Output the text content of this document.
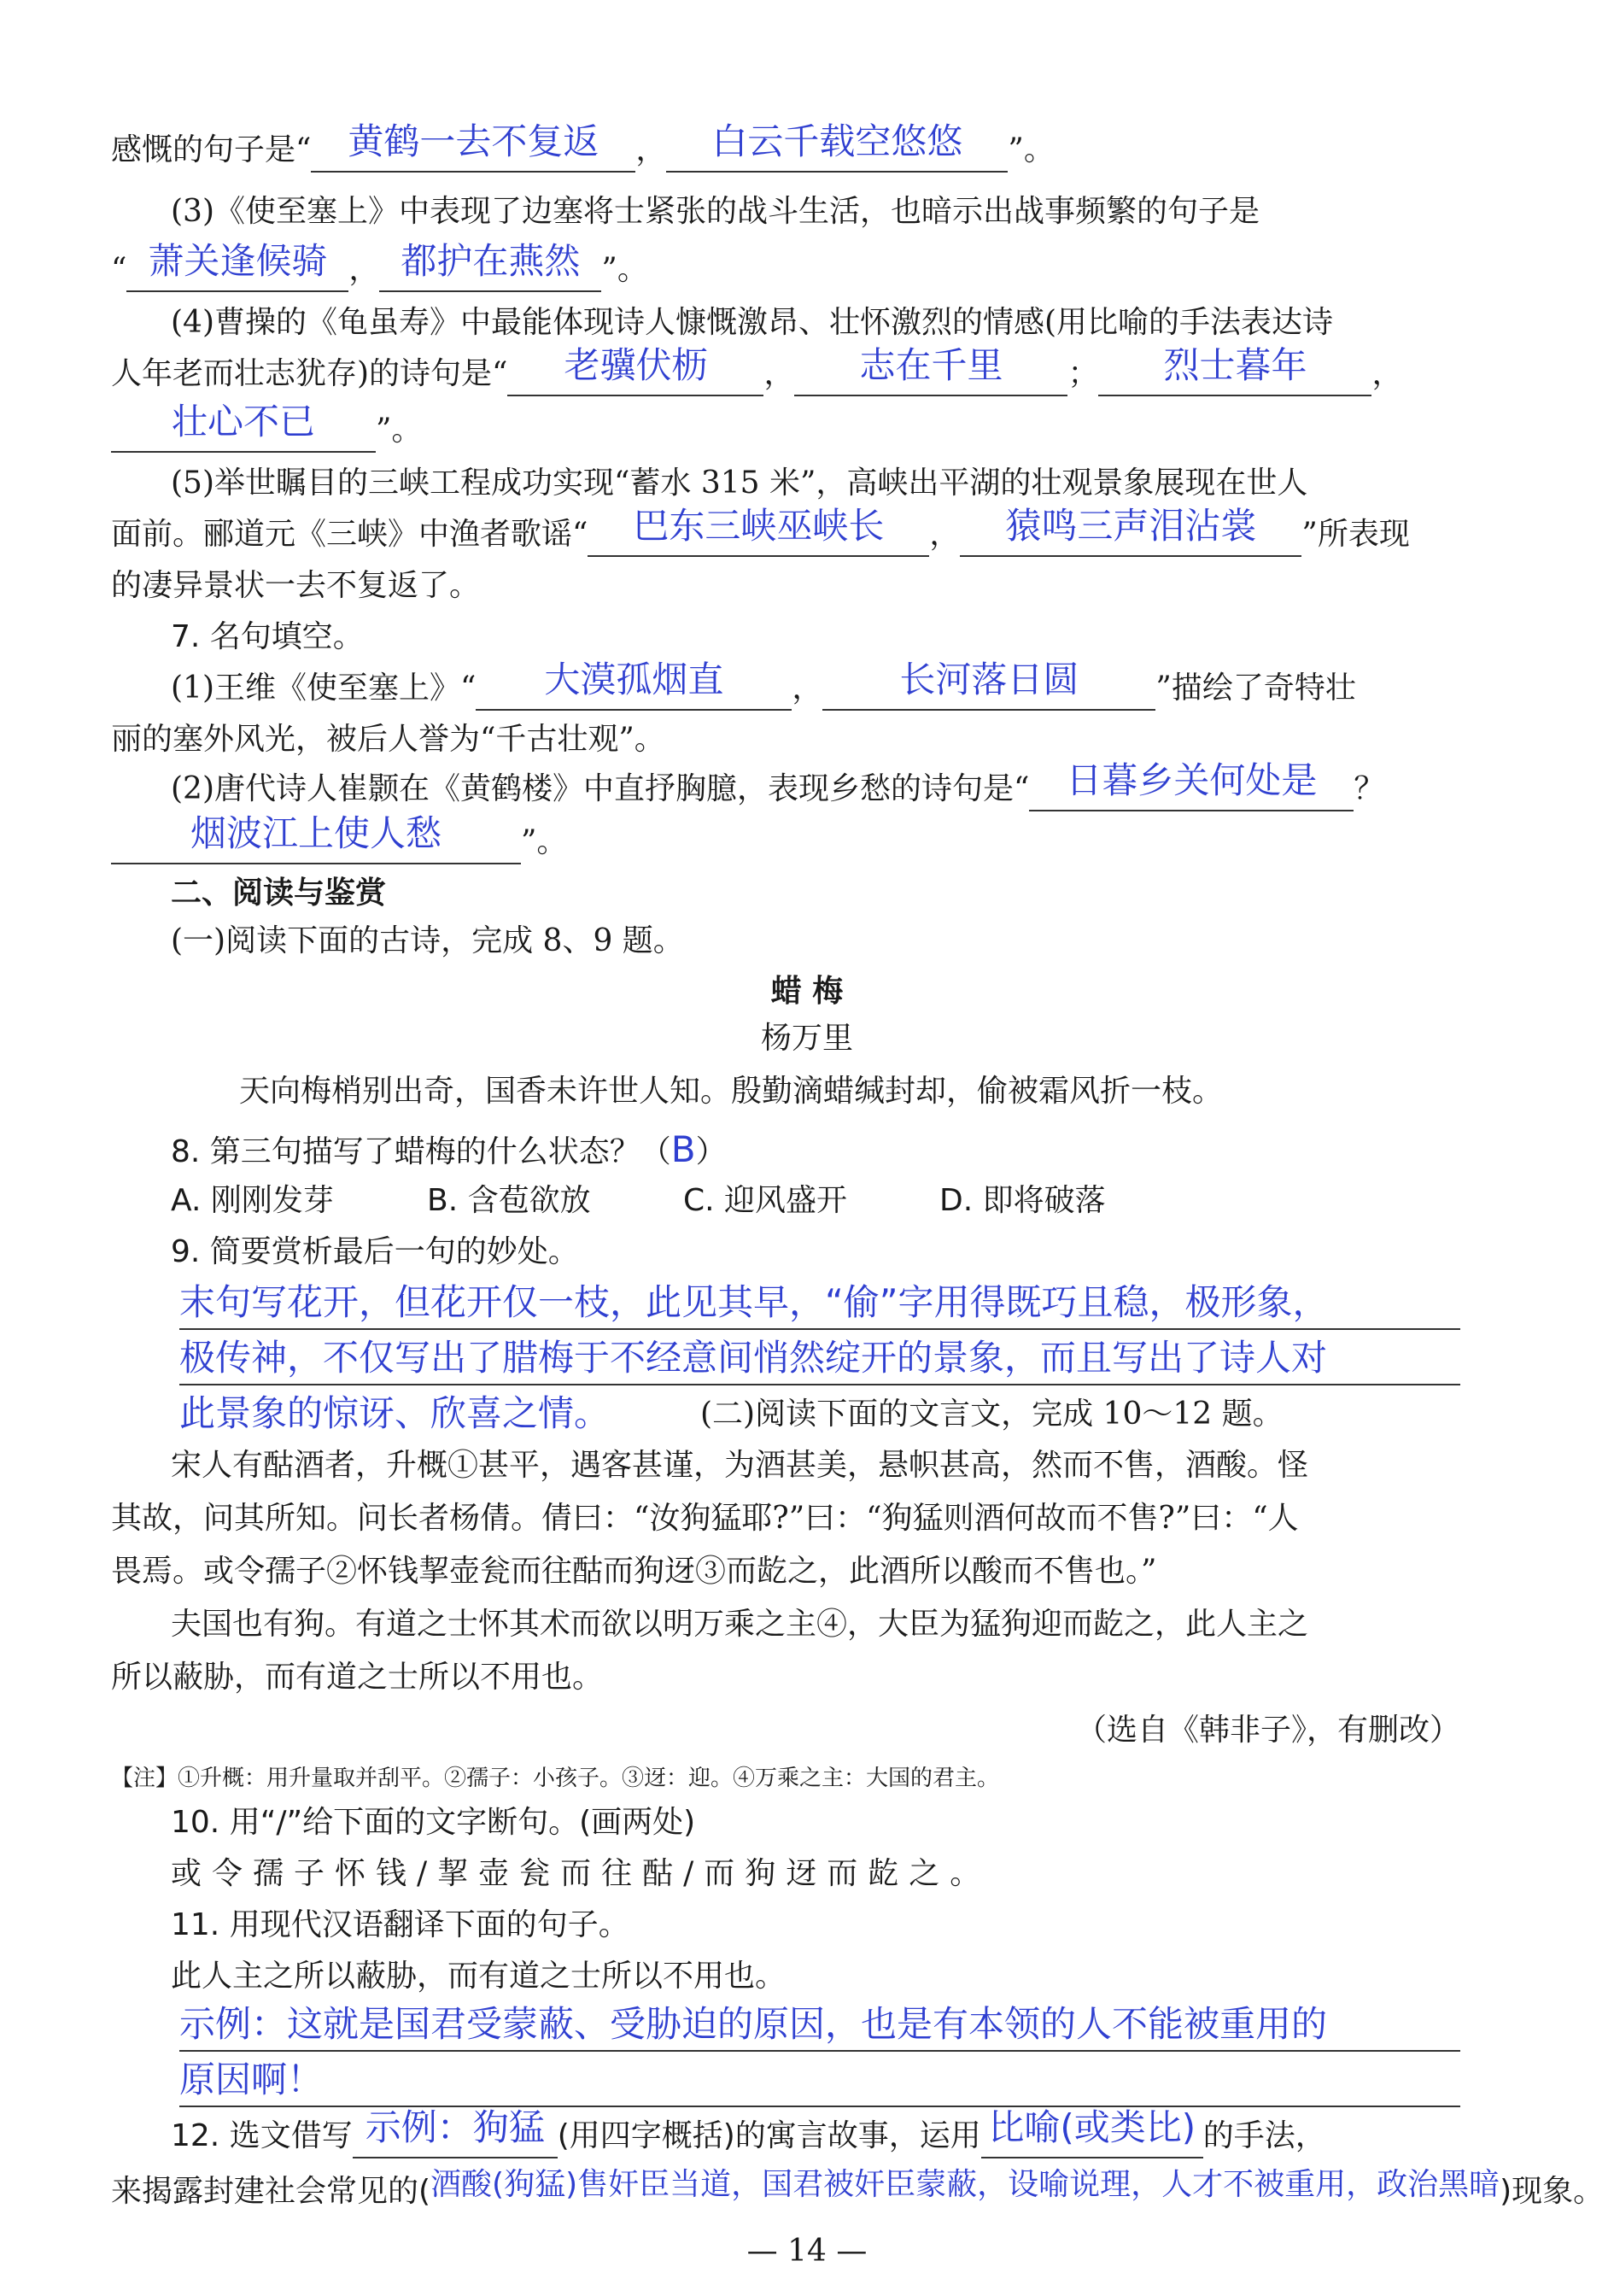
感慨的句子是“ 黄鹤一去不复返 ， 白云千载空悠悠 ”。
(3)《使至塞上》中表现了边塞将士紧张的战斗生活，也暗示出战事频繁的句子是
“ 萧关逢候骑 ， 都护在燕然 ”。
(4)曹操的《龟虽寿》中最能体现诗人慷慨激昂、壮怀激烈的情感(用比喻的手法表达诗
人年老而壮志犹存)的诗句是“ 老骥伏枥 ， 志在千里 ； 烈士暮年 ，
壮心不已 ”。
(5)举世瞩目的三峡工程成功实现“蓄水 315 米”，高峡出平湖的壮观景象展现在世人
面前。郦道元《三峡》中渔者歌谣“ 巴东三峡巫峡长 ， 猿鸣三声泪沾裳 ”所表现
的凄异景状一去不复返了。
7. 名句填空。
(1)王维《使至塞上》“ 大漠孤烟直 ， 长河落日圆	”描绘了奇特壮
丽的塞外风光，被后人誉为“千古壮观”。
(2)唐代诗人崔颢在《黄鹤楼》中直抒胸臆，表现乡愁的诗句是“ 日暮乡关何处是 ？
烟波江上使人愁	”。
二、阅读与鉴赏
(一)阅读下面的古诗，完成 8、9 题。
蜡 梅
杨万里
天向梅梢别出奇，国香未许世人知。殷勤滴蜡缄封却，偷被霜风折一枝。
8. 第三句描写了蜡梅的什么状态？（B）
A. 刚刚发芽	B. 含苞欲放	C. 迎风盛开	D. 即将破落
9. 简要赏析最后一句的妙处。
末句写花开，但花开仅一枝，此见其早，“偷”字用得既巧且稳，极形象，
极传神，不仅写出了腊梅于不经意间悄然绽开的景象，而且写出了诗人对
此景象的惊讶、欣喜之情。	(二)阅读下面的文言文，完成 10～12 题。
宋人有酤酒者，升概①甚平，遇客甚谨，为酒甚美，悬帜甚高，然而不售，酒酸。怪
其故，问其所知。问长者杨倩。倩曰：“汝狗猛耶?”曰：“狗猛则酒何故而不售?”曰：“人
畏焉。或令孺子②怀钱挈壶瓮而往酤而狗迓③而龁之，此酒所以酸而不售也。”
夫国也有狗。有道之士怀其术而欲以明万乘之主④，大臣为猛狗迎而龁之，此人主之
所以蔽胁，而有道之士所以不用也。
（选自《韩非子》，有删改）
【注】①升概：用升量取并刮平。②孺子：小孩子。③迓：迎。④万乘之主：大国的君主。
10. 用“/”给下面的文字断句。(画两处)
或令孺子怀钱/挈壶瓮而往酤/而狗迓而龁之。
11. 用现代汉语翻译下面的句子。
此人主之所以蔽胁，而有道之士所以不用也。
示例：这就是国君受蒙蔽、受胁迫的原因，也是有本领的人不能被重用的
原因啊！
12. 选文借写 示例：狗猛 (用四字概括)的寓言故事，运用 比喻(或类比) 的手法，
来揭露封建社会常见的(酒酸(狗猛)售奸臣当道，国君被奸臣蒙蔽，设喻说理，人才不被重用，政治黑暗)现象。
— 14 —
